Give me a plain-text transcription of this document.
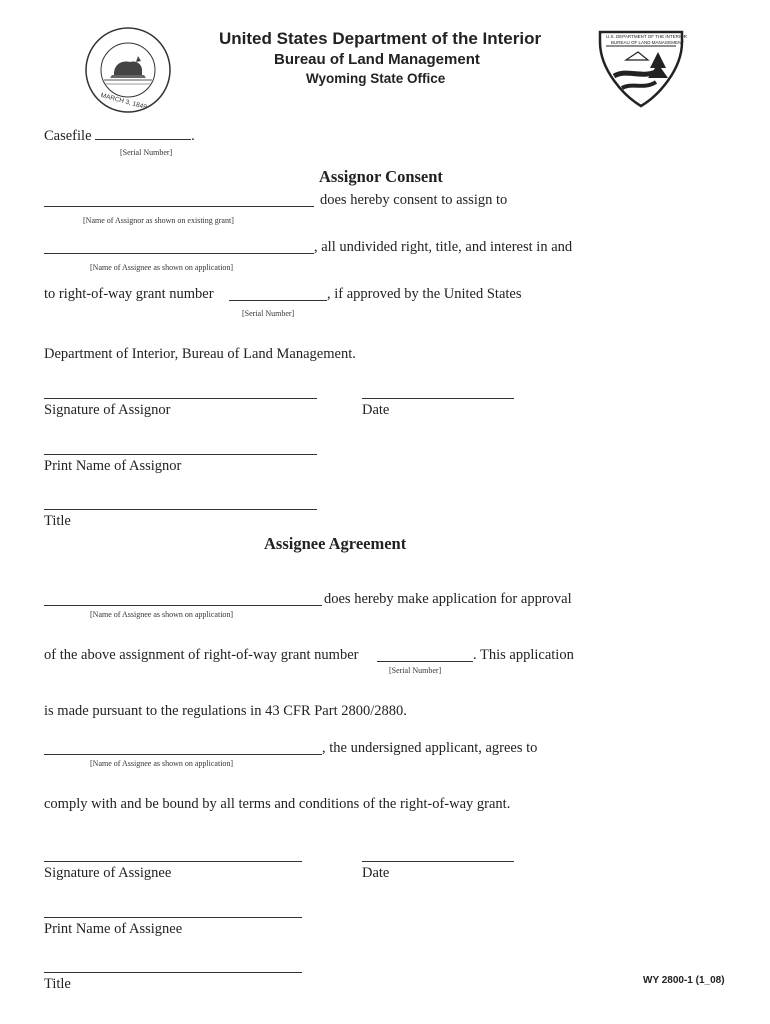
U.S. DEPARTMENT OF THE INTERIOR
MARCH 3, 1849
United States Department of the Interior
Bureau of Land Management
Wyoming State Office
U.S. DEPARTMENT OF THE INTERIOR
BUREAU OF LAND MANAGEMENT
Casefile	.
[Serial Number]
Assignor Consent
does hereby consent to assign to
[Name of Assignor as shown on existing grant]
, all undivided right, title, and interest in and
[Name of Assignee as shown on application]
to right-of-way grant number	, if approved by the United States
[Serial Number]
Department of Interior, Bureau of Land Management.
Signature of Assignor	Date
Print Name of Assignor
Title
Assignee Agreement
does hereby make application for approval
[Name of Assignee as shown on application]
of the above assignment of right-of-way grant number	. This application
[Serial Number]
is made pursuant to the regulations in 43 CFR Part 2800/2880.
, the undersigned applicant, agrees to
[Name of Assignee as shown on application]
comply with and be bound by all terms and conditions of the right-of-way grant.
Signature of Assignee	Date
Print Name of Assignee
Title	WY 2800-1 (1_08)
